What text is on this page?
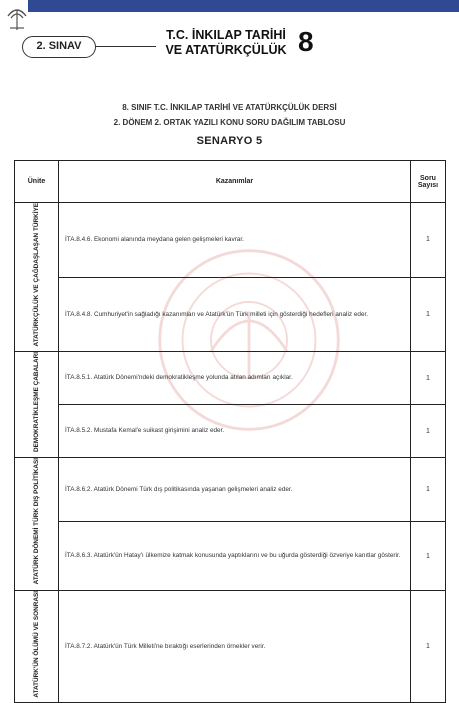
2. SINAV
T.C. İNKILAP TARİHİ
VE ATATÜRKÇÜLÜK 8
8. SINIF T.C. İNKILAP TARİHİ VE ATATÜRKÇÜLÜK DERSİ
2. DÖNEM 2. ORTAK YAZILI KONU SORU DAĞILIM TABLOSU
SENARYO 5
Ünite	Kazanımlar	Soru
Sayısı

ATATÜRKÇÜLÜK VE ÇAĞDAŞLAŞAN TÜRKİYE	İTA.8.4.6. Ekonomi alanında meydana gelen gelişmeleri kavrar.	1
	İTA.8.4.8. Cumhuriyet'in sağladığı kazanımları ve Atatürk'ün Türk milleti için gösterdiği hedefleri analiz eder.	1
DEMOKRATİKLEŞME ÇABALARI	İTA.8.5.1. Atatürk Dönemi'ndeki demokratikleşme yolunda atılan adımları açıklar.	1
	İTA.8.5.2. Mustafa Kemal'e suikast girişimini analiz eder.	1
ATATÜRK DÖNEMİ TÜRK DIŞ POLİTİKASI	İTA.8.6.2. Atatürk Dönemi Türk dış politikasında yaşanan gelişmeleri analiz eder.	1
	İTA.8.6.3. Atatürk'ün Hatay'ı ülkemize katmak konusunda yaptıklarını ve bu uğurda gösterdiği özveriye kanıtlar gösterir.	1
ATATÜRK'ÜN ÖLÜMÜ VE SONRASI	İTA.8.7.2. Atatürk'ün Türk Milleti'ne bıraktığı eserlerinden örnekler verir.	1
